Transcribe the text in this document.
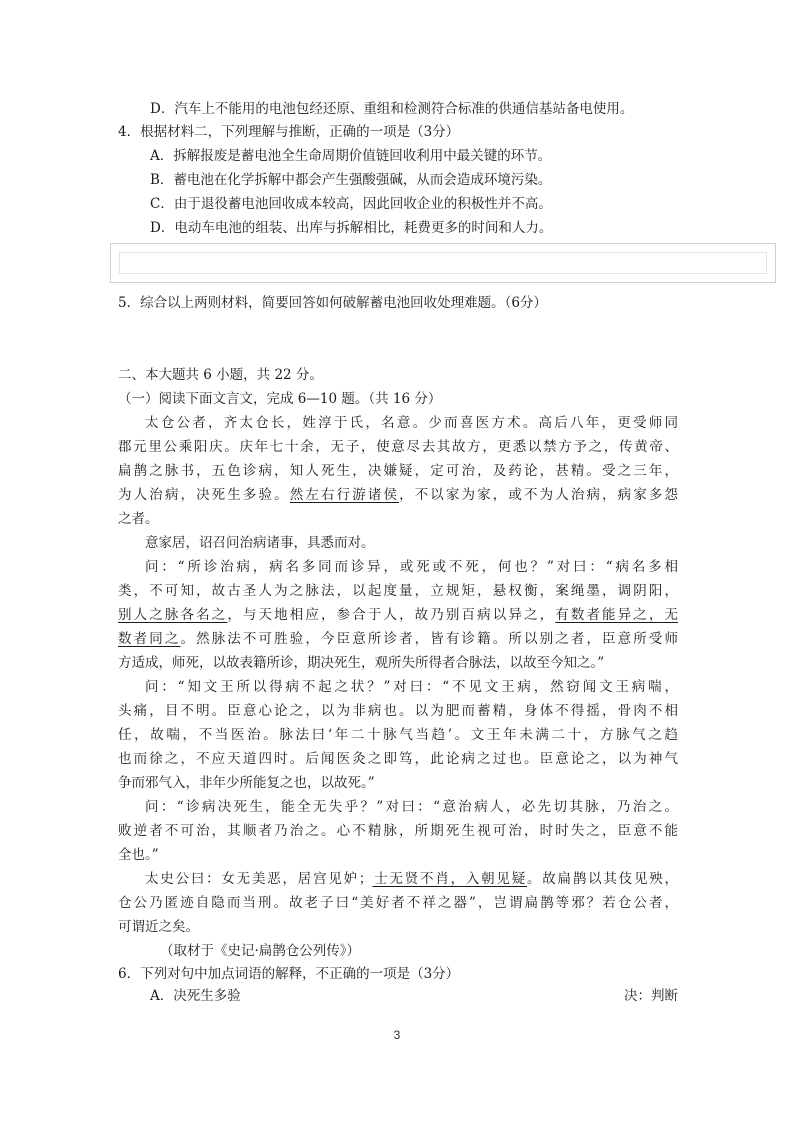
D．汽车上不能用的电池包经还原、重组和检测符合标准的供通信基站备电使用。
4．根据材料二，下列理解与推断，正确的一项是（3分）
A．拆解报废是蓄电池全生命周期价值链回收利用中最关键的环节。
B．蓄电池在化学拆解中都会产生强酸强碱，从而会造成环境污染。
C．由于退役蓄电池回收成本较高，因此回收企业的积极性并不高。
D．电动车电池的组装、出库与拆解相比，耗费更多的时间和人力。
5．综合以上两则材料，简要回答如何破解蓄电池回收处理难题。（6分）
二、本大题共 6 小题，共 22 分。
（一）阅读下面文言文，完成 6—10 题。（共 16 分）
太仓公者，齐太仓长，姓淳于氏，名意。少而喜医方术。高后八年，更受师同
郡元里公乘阳庆。庆年七十余，无子，使意尽去其故方，更悉以禁方予之，传黄帝、
扁鹊之脉书，五色诊病，知人死生，决嫌疑，定可治，及药论，甚精。受之三年，
为人治病，决死生多验。然左右行游诸侯，不以家为家，或不为人治病，病家多怨
之者。
意家居，诏召问治病诸事，具悉而对。
问：“所诊治病，病名多同而诊异，或死或不死，何也？”对曰：“病名多相
类，不可知，故古圣人为之脉法，以起度量，立规矩，悬权衡，案绳墨，调阴阳，
别人之脉各名之，与天地相应，参合于人，故乃别百病以异之，有数者能异之，无
数者同之。然脉法不可胜验，今臣意所诊者，皆有诊籍。所以别之者，臣意所受师
方适成，师死，以故表籍所诊，期决死生，观所失所得者合脉法，以故至今知之。”
问：“知文王所以得病不起之状？”对曰：“不见文王病，然窃闻文王病喘，
头痛，目不明。臣意心论之，以为非病也。以为肥而蓄精，身体不得摇，骨肉不相
任，故喘，不当医治。脉法曰‘年二十脉气当趋’。文王年未满二十，方脉气之趋
也而徐之，不应天道四时。后闻医灸之即笃，此论病之过也。臣意论之，以为神气
争而邪气入，非年少所能复之也，以故死。”
问：“诊病决死生，能全无失乎？”对曰：“意治病人，必先切其脉，乃治之。
败逆者不可治，其顺者乃治之。心不精脉，所期死生视可治，时时失之，臣意不能
全也。”
太史公曰：女无美恶，居宫见妒；士无贤不肖，入朝见疑。故扁鹊以其伎见殃，
仓公乃匿迹自隐而当刑。故老子曰“美好者不祥之器”，岂谓扁鹊等邪？若仓公者，
可谓近之矣。
（取材于《史记·扁鹊仓公列传》）
6．下列对句中加点词语的解释，不正确的一项是（3分）
A．决死生多验	决：判断
3
